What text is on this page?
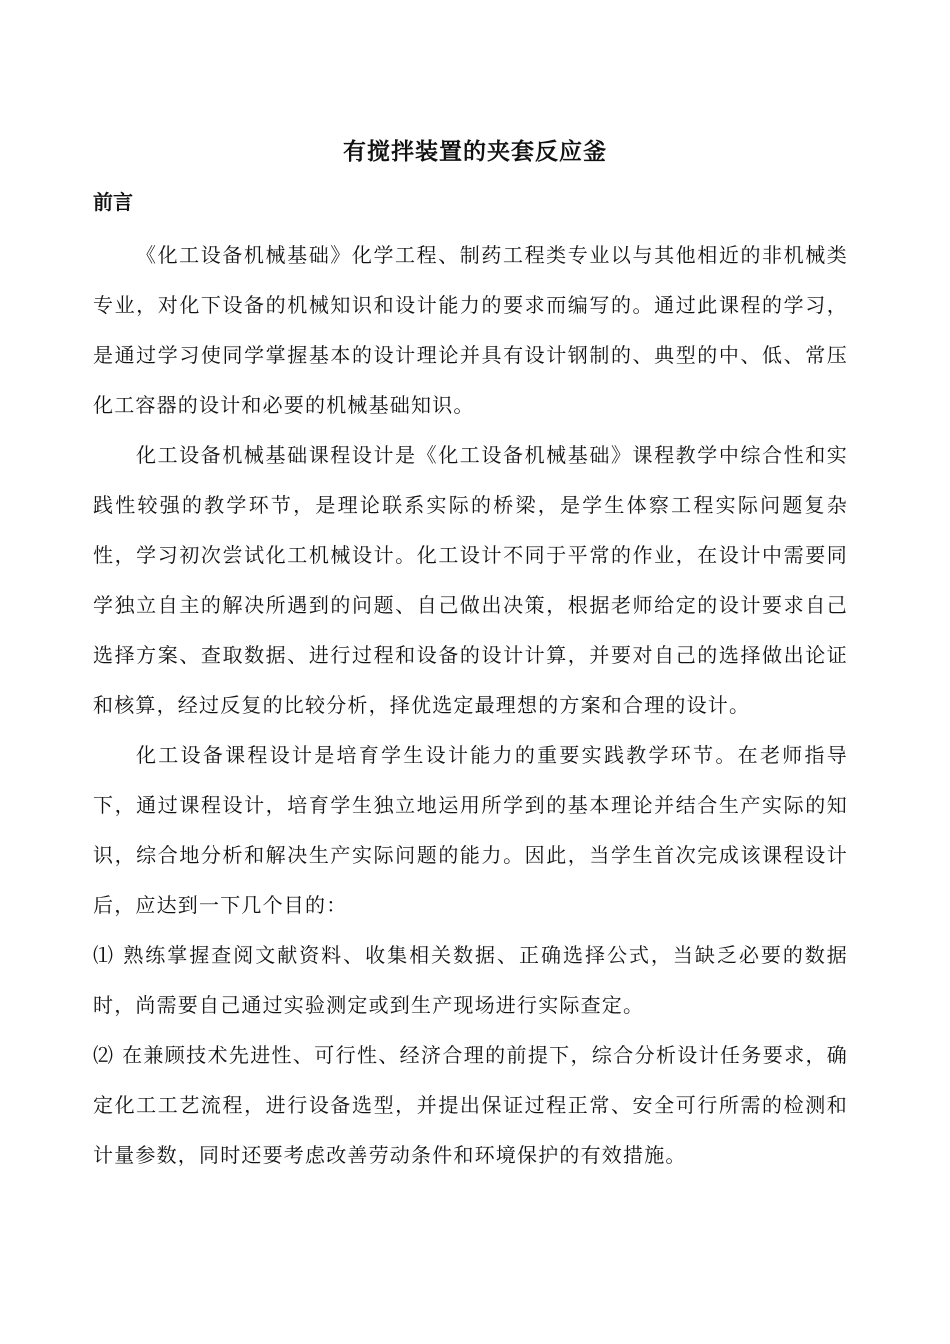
有搅拌装置的夹套反应釜
前言

《化工设备机械基础》化学工程、制药工程类专业以与其他相近的非机械类专业，对化下设备的机械知识和设计能力的要求而编写的。通过此课程的学习，是通过学习使同学掌握基本的设计理论并具有设计钢制的、典型的中、低、常压化工容器的设计和必要的机械基础知识。

化工设备机械基础课程设计是《化工设备机械基础》课程教学中综合性和实践性较强的教学环节，是理论联系实际的桥梁，是学生体察工程实际问题复杂性，学习初次尝试化工机械设计。化工设计不同于平常的作业，在设计中需要同学独立自主的解决所遇到的问题、自己做出决策，根据老师给定的设计要求自己选择方案、查取数据、进行过程和设备的设计计算，并要对自己的选择做出论证和核算，经过反复的比较分析，择优选定最理想的方案和合理的设计。

化工设备课程设计是培育学生设计能力的重要实践教学环节。在老师指导下，通过课程设计，培育学生独立地运用所学到的基本理论并结合生产实际的知识，综合地分析和解决生产实际问题的能力。因此，当学生首次完成该课程设计后，应达到一下几个目的：

⑴ 熟练掌握查阅文献资料、收集相关数据、正确选择公式，当缺乏必要的数据时，尚需要自己通过实验测定或到生产现场进行实际查定。

⑵ 在兼顾技术先进性、可行性、经济合理的前提下，综合分析设计任务要求，确定化工工艺流程，进行设备选型，并提出保证过程正常、安全可行所需的检测和计量参数，同时还要考虑改善劳动条件和环境保护的有效措施。
